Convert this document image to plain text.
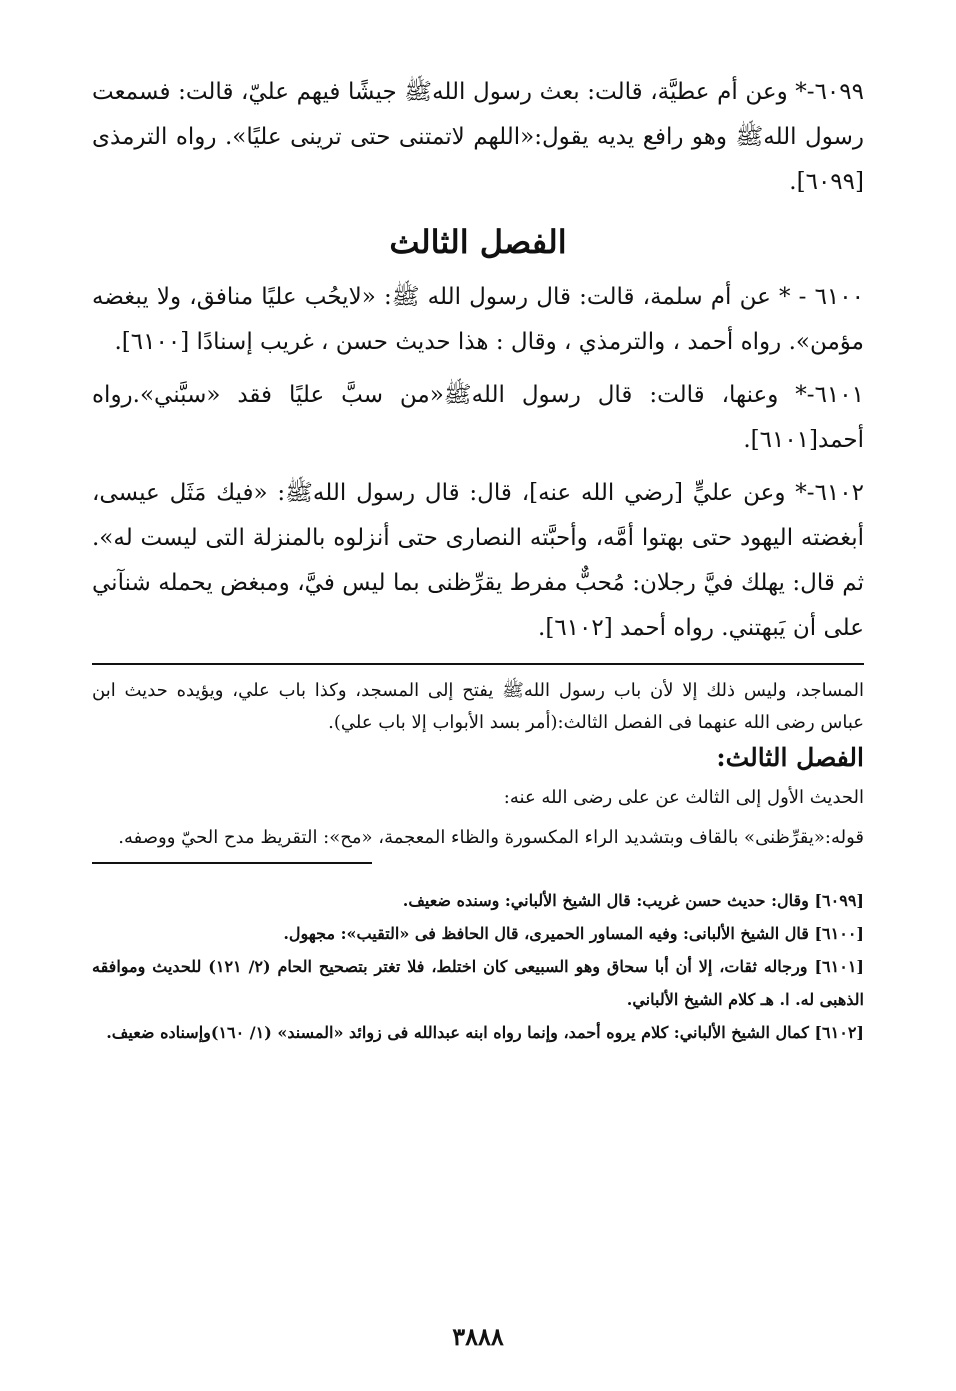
٦٠٩٩-* وعن أم عطيَّة، قالت: بعث رسول اللهﷺ جيشًا فيهم عليّ، قالت: فسمعت رسول اللهﷺ وهو رافع يديه يقول:«اللهم لاتمتنى حتى ترينى عليًا». رواه الترمذى [٦٠٩٩].

الفصل الثالث

٦١٠٠ - * عن أم سلمة، قالت: قال رسول الله ﷺ: «لايحُب عليًا منافق، ولا يبغضه مؤمن». رواه أحمد ، والترمذي ، وقال : هذا حديث حسن ، غريب إسنادًا [٦١٠٠].

٦١٠١-* وعنها، قالت: قال رسول اللهﷺ«من سبَّ عليًا فقد «سبَّني».رواه أحمد[٦١٠١].

٦١٠٢-* وعن عليٍّ [رضي الله عنه]، قال: قال رسول اللهﷺ: «فيك مَثَل عيسى، أبغضته اليهود حتى بهتوا أمَّه، وأحبَّته النصارى حتى أنزلوه بالمنزلة التى ليست له». ثم قال: يهلك فيَّ رجلان: مُحبٌّ مفرط يقرِّظنى بما ليس فيَّ، ومبغض يحمله شنآني على أن يَبهتني. رواه أحمد [٦١٠٢].

المساجد، وليس ذلك إلا لأن باب رسول اللهﷺ يفتح إلى المسجد، وكذا باب علي، ويؤيده حديث ابن عباس رضى الله عنهما فى الفصل الثالث:(أمر بسد الأبواب إلا باب علي).

الفصل الثالث:

الحديث الأول إلى الثالث عن على رضى الله عنه:

قوله:«يقرِّظنى» بالقاف وبتشديد الراء المكسورة والظاء المعجمة، «مح»: التقريظ مدح الحيّ ووصفه.

[٦٠٩٩] وقال: حديث حسن غريب: قال الشيخ الألباني: وسنده ضعيف.

[٦١٠٠] قال الشيخ الألبانى: وفيه المساور الحميرى، قال الحافظ فى «التقيب»: مجهول.

[٦١٠١] ورجاله ثقات، إلا أن أبا سحاق وهو السبيعى كان اختلط، فلا تغتر بتصحيح الحام (٢/ ١٢١) للحديث وموافقه الذهبى له. ا. هـ كلام الشيخ الألباني.

[٦١٠٢] كمال الشيخ الألباني: كلام يروه أحمد، وإنما رواه ابنه عبدالله فى زوائد «المسند» (١/ ١٦٠)وإسناده ضعيف.

٣٨٨٨
